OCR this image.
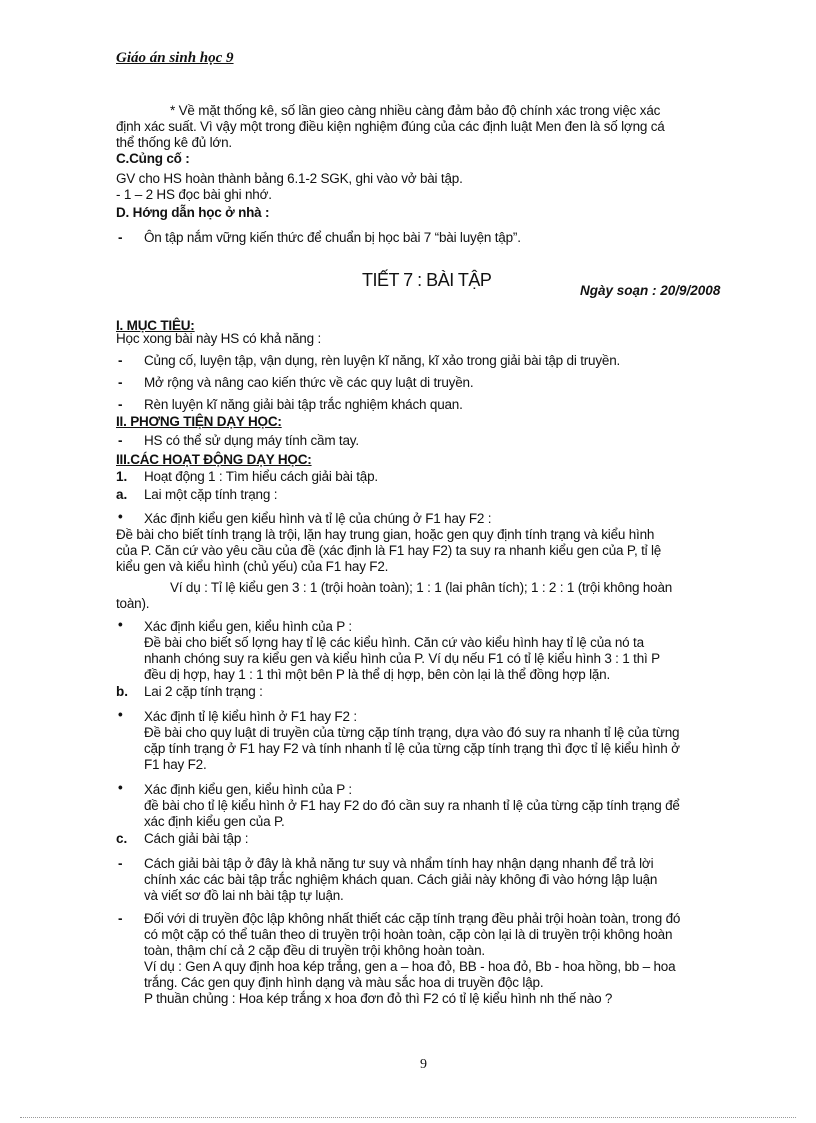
Giáo án sinh học 9
* Về mặt thống kê, số lần gieo càng nhiều càng đảm bảo độ chính xác trong việc xác
định xác suất. Vì vậy một trong điều kiện nghiệm đúng của các định luật Men đen là số lợng cá
thể thống kê đủ lớn.
C.Củng cố :
GV cho HS hoàn thành bảng 6.1-2 SGK, ghi vào vở bài tập.
- 1 – 2 HS đọc bài ghi nhớ.
D. Hớng dẫn học ở nhà :
Ôn tập nắm vững kiến thức để chuẩn bị học bài 7 “bài luyện tập”.
I. MỤC TIÊU:
Học xong bài này HS có khả năng :
Củng cố, luyện tập, vận dụng, rèn luyện kĩ năng, kĩ xảo trong giải bài tập di truyền.
Mở rộng và nâng cao kiến thức về các quy luật di truyền.
Rèn luyện kĩ năng giải bài tập trắc nghiệm khách quan.
II. PHƠNG TIỆN DẠY HỌC:
HS có thể sử dụng máy tính cầm tay.
III.CÁC HOẠT ĐỘNG DẠY HỌC:
Hoạt động 1 : Tìm hiểu cách giải bài tập.
Lai một cặp tính trạng :
Xác định kiểu gen kiểu hình và tỉ lệ của chúng ở F1 hay F2 :
Đề bài cho biết tính trạng là trội, lặn hay trung gian, hoặc gen quy định tính trạng và kiểu hình
của P. Căn cứ vào yêu cầu của đề (xác định là F1 hay F2) ta suy ra nhanh kiểu gen của P, tỉ lệ
kiểu gen và kiểu hình (chủ yếu) của F1 hay F2.
Ví dụ : Tỉ lệ kiểu gen 3 : 1 (trội hoàn toàn); 1 : 1 (lai phân tích); 1 : 2 : 1 (trội không hoàn
toàn).
Xác định kiểu gen, kiểu hình của P :
Đề bài cho biết số lợng hay tỉ lệ các kiểu hình. Căn cứ vào kiểu hình hay tỉ lệ của nó ta
nhanh chóng suy ra kiểu gen và kiểu hình của P. Ví dụ nếu F1 có tỉ lệ kiểu hình 3 : 1 thì P
đều dị hợp, hay 1 : 1 thì một bên P là thể dị hợp, bên còn lại là thể đồng hợp lặn.
Lai 2 cặp tính trạng :
Xác định tỉ lệ kiểu hình ở F1 hay F2 :
Đề bài cho quy luật di truyền của từng cặp tính trạng, dựa vào đó suy ra nhanh tỉ lệ của từng
cặp tính trạng ở F1 hay F2 và tính nhanh tỉ lệ của từng cặp tính trạng thì đợc tỉ lệ kiểu hình ở
F1 hay F2.
Xác định kiểu gen, kiểu hình của P :
đề bài cho tỉ lệ kiểu hình ở F1 hay F2 do đó cần suy ra nhanh tỉ lệ của từng cặp tính trạng để
xác định kiểu gen của P.
Cách giải bài tập :
Cách giải bài tập ở đây là khả năng tư suy và nhẩm tính hay nhận dạng nhanh để trả lời
chính xác các bài tập trắc nghiệm khách quan. Cách giải này không đi vào hớng lập luận
và viết sơ đồ lai nh bài tập tự luận.
Đối với di truyền độc lập không nhất thiết các cặp tính trạng đều phải trội hoàn toàn, trong đó
có một cặp có thể tuân theo di truyền trội hoàn toàn, cặp còn lại là di truyền trội không hoàn
toàn, thậm chí cả 2 cặp đều di truyền trội không hoàn toàn.
Ví dụ : Gen A quy định hoa kép trắng, gen a – hoa đỏ, BB - hoa đỏ, Bb - hoa hồng, bb – hoa
trắng. Các gen quy định hình dạng và màu sắc hoa di truyền độc lập.
P thuần chủng : Hoa kép trắng x hoa đơn đỏ thì F2 có tỉ lệ kiểu hình nh thế nào ?
-
-
-
-
-
1.
a.
•
•
b.
•
•
c.
-
-
TIẾT 7 : BÀI TẬP
Ngày soạn : 20/9/2008
9
